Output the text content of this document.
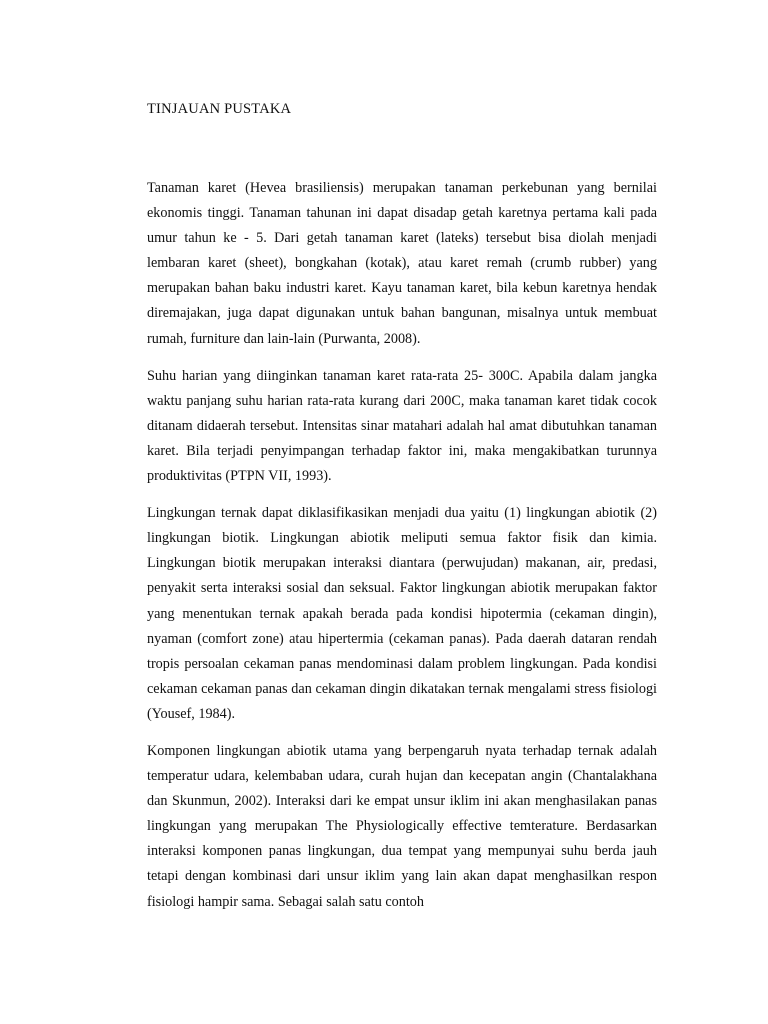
TINJAUAN PUSTAKA

Tanaman karet (Hevea brasiliensis) merupakan tanaman perkebunan yang bernilai ekonomis tinggi. Tanaman tahunan ini dapat disadap getah karetnya pertama kali pada umur tahun ke - 5. Dari getah tanaman karet (lateks) tersebut bisa diolah menjadi lembaran karet (sheet), bongkahan (kotak), atau karet remah (crumb rubber) yang merupakan bahan baku industri karet. Kayu tanaman karet, bila kebun karetnya hendak diremajakan, juga dapat digunakan untuk bahan bangunan, misalnya untuk membuat rumah, furniture dan lain-lain (Purwanta, 2008).

Suhu harian yang diinginkan tanaman karet rata-rata 25- 300C. Apabila dalam jangka waktu panjang suhu harian rata-rata kurang dari 200C, maka tanaman karet tidak cocok ditanam didaerah tersebut. Intensitas sinar matahari adalah hal amat dibutuhkan tanaman karet. Bila terjadi penyimpangan terhadap faktor ini, maka mengakibatkan turunnya produktivitas (PTPN VII, 1993).

Lingkungan ternak dapat diklasifikasikan menjadi dua yaitu (1) lingkungan abiotik (2) lingkungan biotik. Lingkungan abiotik meliputi semua faktor fisik dan kimia. Lingkungan biotik merupakan interaksi diantara (perwujudan) makanan, air, predasi, penyakit serta interaksi sosial dan seksual. Faktor lingkungan abiotik merupakan faktor yang menentukan ternak apakah berada pada kondisi hipotermia (cekaman dingin), nyaman (comfort zone) atau hipertermia (cekaman panas). Pada daerah dataran rendah tropis persoalan cekaman panas mendominasi dalam problem lingkungan. Pada kondisi cekaman cekaman panas dan cekaman dingin dikatakan ternak mengalami stress fisiologi (Yousef, 1984).

Komponen lingkungan abiotik utama yang berpengaruh nyata terhadap ternak adalah temperatur udara, kelembaban udara, curah hujan dan kecepatan angin (Chantalakhana dan Skunmun, 2002). Interaksi dari ke empat unsur iklim ini akan menghasilakan panas lingkungan yang merupakan The Physiologically effective temterature. Berdasarkan interaksi komponen panas lingkungan, dua tempat yang mempunyai suhu berda jauh tetapi dengan kombinasi dari unsur iklim yang lain akan dapat menghasilkan respon fisiologi hampir sama. Sebagai salah satu contoh
